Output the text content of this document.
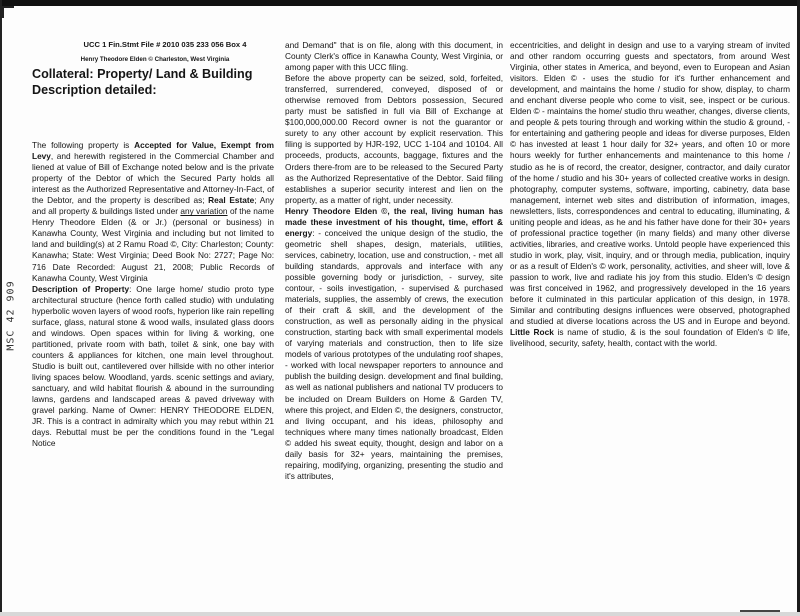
MSC 42 909
UCC 1 Fin.Stmt File # 2010 035 233 056 Box 4
Henry Theodore Elden © Charleston, West Virginia
Collateral: Property/ Land & Building Description detailed:

The following property is Accepted for Value, Exempt from Levy, and herewith registered in the Commercial Chamber and liened at value of Bill of Exchange noted below and is the private property of the Debtor of which the Secured Party holds all interest as the Authorized Representative and Attorney-In-Fact, of the Debtor, and the property is described as; Real Estate; Any and all property & buildings listed under any variation of the name Henry Theodore Elden (& or Jr.) (personal or business) in Kanawha County, West Virginia and including but not limited to land and building(s) at 2 Ramu Road ©, City: Charleston; County: Kanawha; State: West Virginia; Deed Book No: 2727; Page No: 716 Date Recorded: August 21, 2008; Public Records of Kanawha County, West Virginia

Description of Property: One large home/ studio proto type architectural structure (hence forth called studio) with undulating hyperbolic woven layers of wood roofs, hyperion like rain repelling surface, glass, natural stone & wood walls, insulated glass doors and windows. Open spaces within for living & working, one partitioned, private room with bath, toilet & sink, one bay with counters & appliances for kitchen, one main level throughout. Studio is built out, cantilevered over hillside with no other interior living spaces below. Woodland, yards. scenic settings and aviary, sanctuary, and wild habitat flourish & abound in the surrounding lawns, gardens and landscaped areas & paved driveway with gravel parking. Name of Owner: HENRY THEODORE ELDEN, JR. This is a contract in admiralty which you may rebut within 21 days. Rebuttal must be per the conditions found in the "Legal Notice

and Demand" that is on file, along with this document, in County Clerk's office in Kanawha County, West Virginia, or among paper with this UCC filing.

Before the above property can be seized, sold, forfeited, transferred, surrendered, conveyed, disposed of or otherwise removed from Debtors possession, Secured party must be satisfied in full via Bill of Exchange at $100,000,000.00 Record owner is not the guarantor or surety to any other account by explicit reservation. This filing is supported by HJR-192, UCC 1-104 and 10104. All proceeds, products, accounts, baggage, fixtures and the Orders there-from are to be released to the Secured Party as the Authorized Representative of the Debtor. Said filing establishes a superior security interest and lien on the property, as a matter of right, under necessity.

Henry Theodore Elden ©, the real, living human has made these investment of his thought, time, effort & energy: - conceived the unique design of the studio, the geometric shell shapes, design, materials, utilities, services, cabinetry, location, use and construction, - met all building standards, approvals and interface with any possible governing body or jurisdiction, - survey, site contour, - soils investigation, - supervised & purchased materials, supplies, the assembly of crews, the execution of their craft & skill, and the development of the construction, as well as personally aiding in the physical construction, starting back with small experimental models of varying materials and construction, then to life size models of various prototypes of the undulating roof shapes, - worked with local newspaper reporters to announce and publish the building design. development and final building, as well as national publishers and national TV producers to be included on Dream Builders on Home & Garden TV, where this project, and Elden ©, the designers, constructor, and living occupant, and his ideas, philosophy and techniques where many times nationally broadcast, Elden © added his sweat equity, thought, design and labor on a daily basis for 32+ years, maintaining the premises, repairing, modifying, organizing, presenting the studio and it's attributes,

eccentricities, and delight in design and use to a varying stream of invited and other random occurring guests and spectators, from around West Virginia, other states in America, and beyond, even to European and Asian visitors. Elden © - uses the studio for it's further enhancement and development, and maintains the home / studio for show, display, to charm and enchant diverse people who come to visit, see, inspect or be curious. Elden © - maintains the home/ studio thru weather, changes, diverse clients, and people & pets touring through and working within the studio & ground, - for entertaining and gathering people and ideas for diverse purposes, Elden © has invested at least 1 hour daily for 32+ years, and often 10 or more hours weekly for further enhancements and maintenance to this home / studio as he is of record, the creator, designer, contractor, and daily curator of the home / studio and his 30+ years of collected creative works in design. photography, computer systems, software, importing, cabinetry, data base management, internet web sites and distribution of information, images, newsletters, lists, correspondences and central to educating, illuminating, & uniting people and ideas, as he and his father have done for their 30+ years of professional practice together (in many fields) and many other diverse activities, libraries, and creative works. Untold people have experienced this studio in work, play, visit, inquiry, and or through media, publication, inquiry or as a result of Elden's © work, personality, activities, and sheer will, love & passion to work, live and radiate his joy from this studio. Elden's © design was first conceived in 1962, and progressively developed in the 16 years before it culminated in this particular application of this design, in 1978. Similar and contributing designs influences were observed, photographed and studied at diverse locations across the US and in Europe and beyond. Little Rock is name of studio, & is the soul foundation of Elden's © life, livelihood, security, safety, health, contact with the world.
